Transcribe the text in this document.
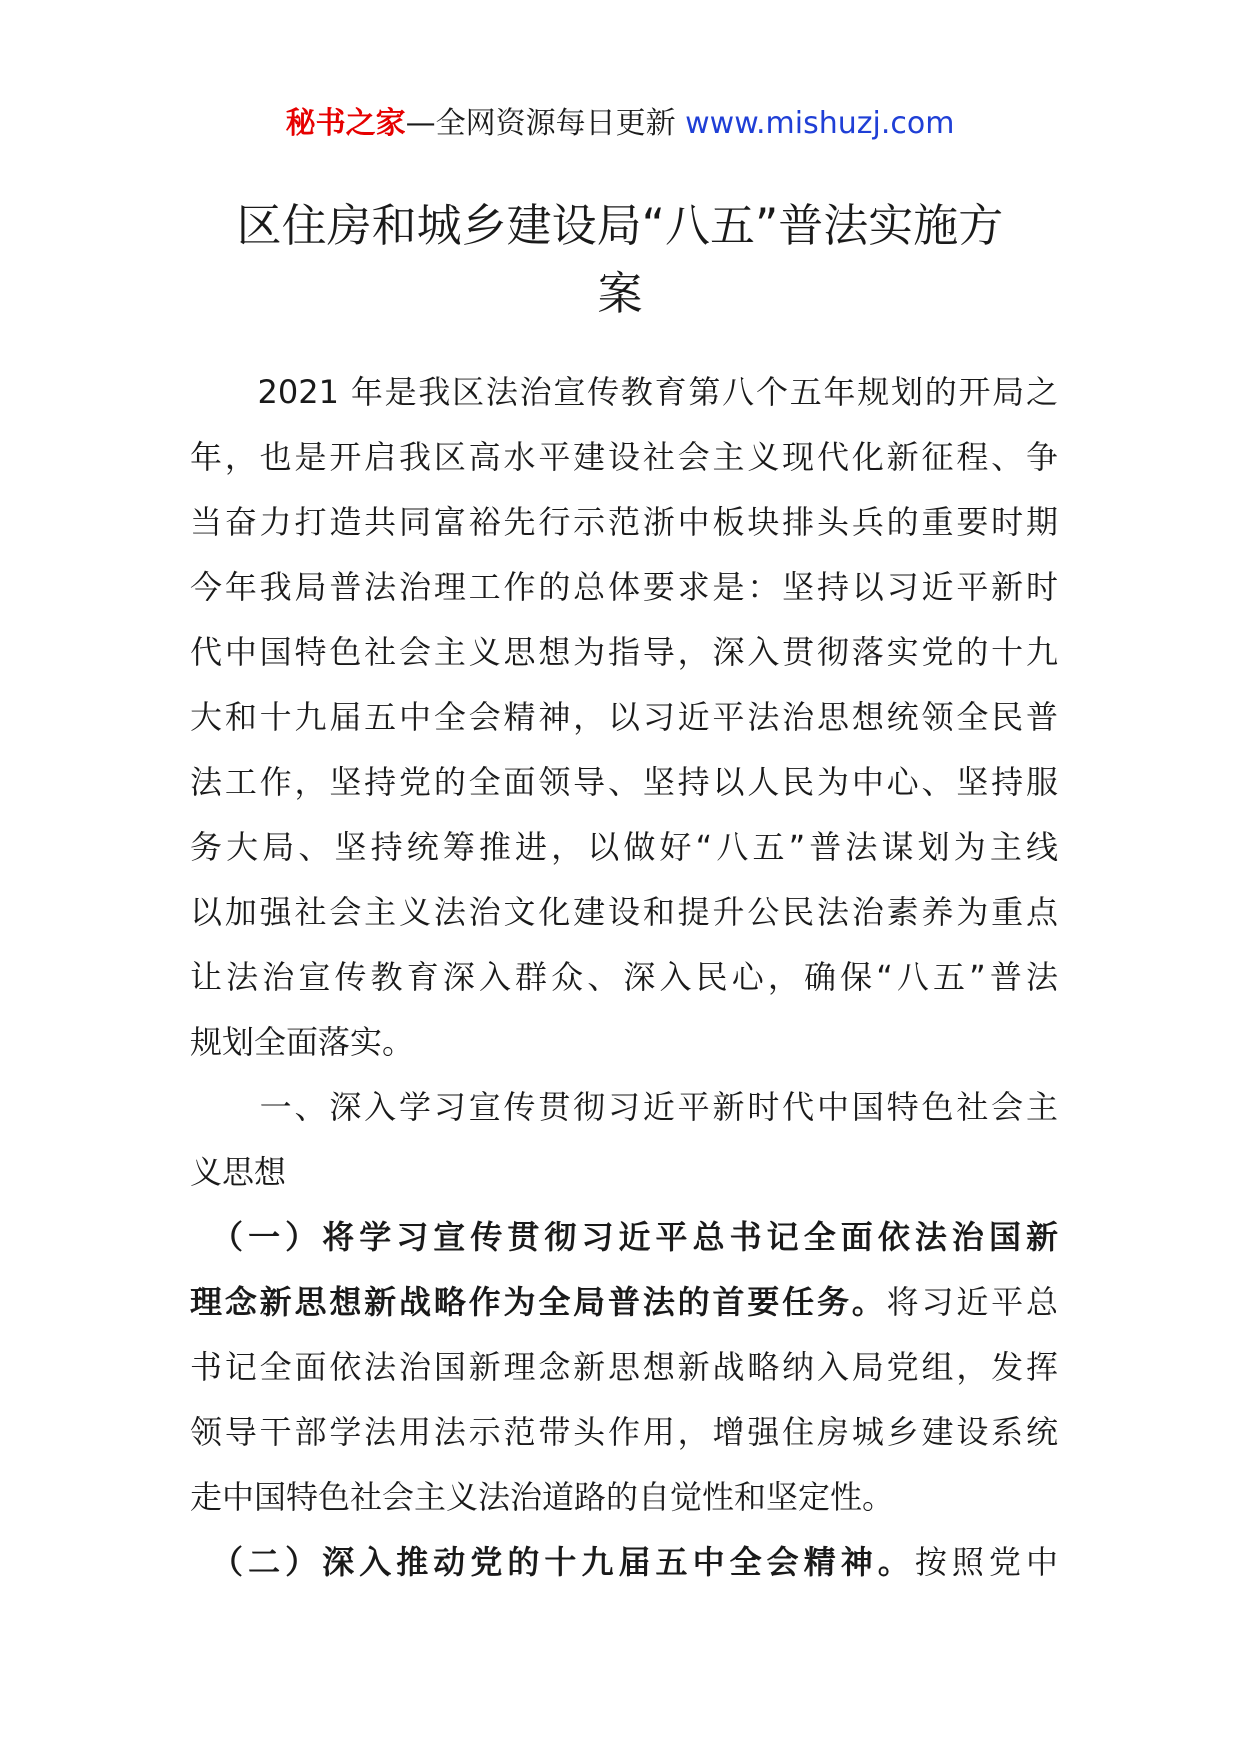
秘书之家—全网资源每日更新 www.mishuzj.com
区住房和城乡建设局“八五”普法实施方
案
　　2021 年是我区法治宣传教育第八个五年规划的开局之
年，也是开启我区高水平建设社会主义现代化新征程、争
当奋力打造共同富裕先行示范浙中板块排头兵的重要时期
今年我局普法治理工作的总体要求是：坚持以习近平新时
代中国特色社会主义思想为指导，深入贯彻落实党的十九
大和十九届五中全会精神，以习近平法治思想统领全民普
法工作，坚持党的全面领导、坚持以人民为中心、坚持服
务大局、坚持统筹推进，以做好“八五”普法谋划为主线
以加强社会主义法治文化建设和提升公民法治素养为重点
让法治宣传教育深入群众、深入民心，确保“八五”普法
规划全面落实。
　　一、深入学习宣传贯彻习近平新时代中国特色社会主
义思想
　（一）将学习宣传贯彻习近平总书记全面依法治国新
理念新思想新战略作为全局普法的首要任务。将习近平总
书记全面依法治国新理念新思想新战略纳入局党组，发挥
领导干部学法用法示范带头作用，增强住房城乡建设系统
走中国特色社会主义法治道路的自觉性和坚定性。
　（二）深入推动党的十九届五中全会精神。按照党中
